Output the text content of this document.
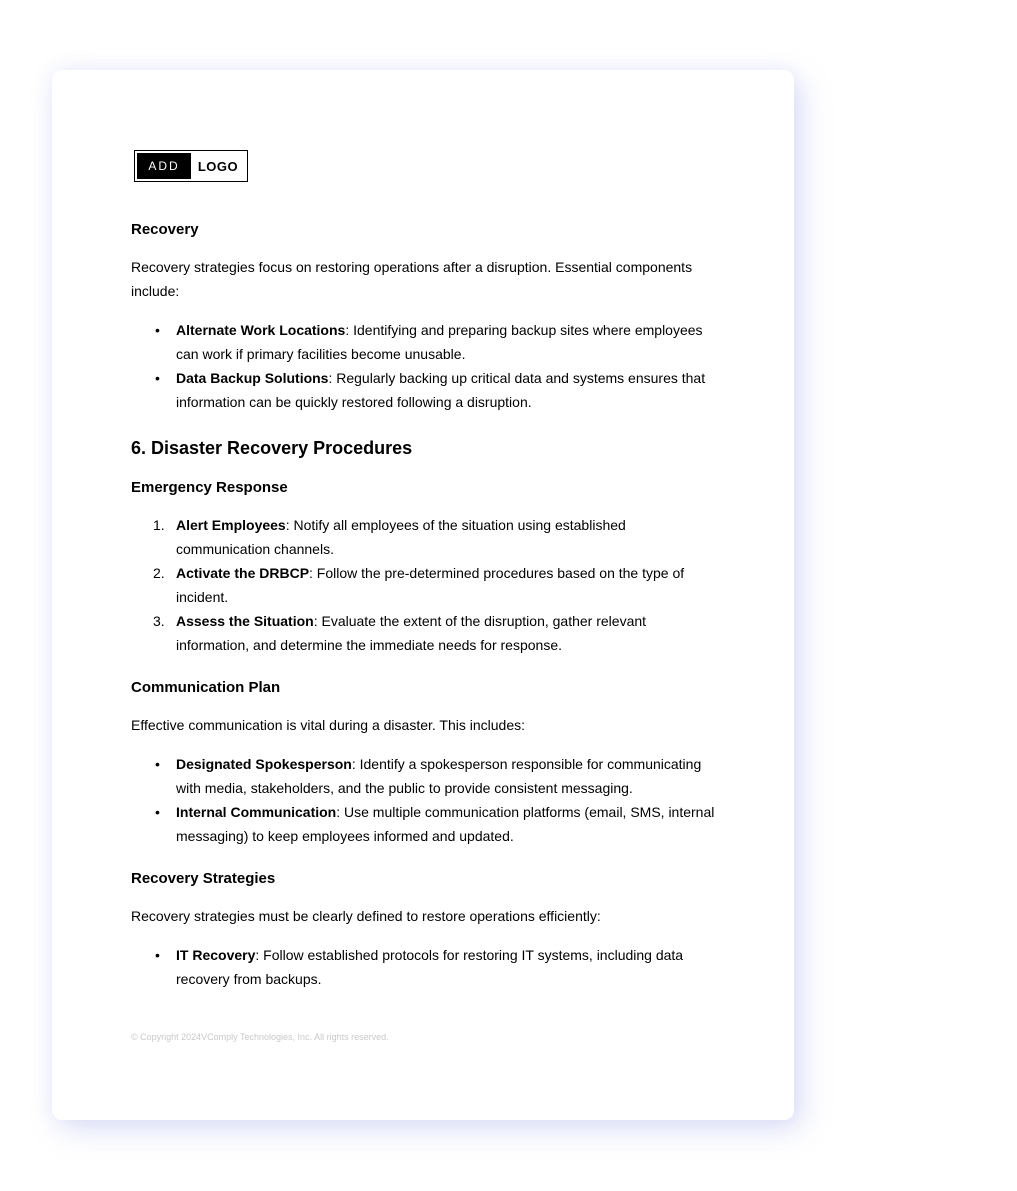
ADD	LOGO
Recovery

Recovery strategies focus on restoring operations after a disruption. Essential components include:

• Alternate Work Locations: Identifying and preparing backup sites where employees can work if primary facilities become unusable.
• Data Backup Solutions: Regularly backing up critical data and systems ensures that information can be quickly restored following a disruption.
6. Disaster Recovery Procedures
Emergency Response
1. Alert Employees: Notify all employees of the situation using established communication channels.
2. Activate the DRBCP: Follow the pre-determined procedures based on the type of incident.
3. Assess the Situation: Evaluate the extent of the disruption, gather relevant information, and determine the immediate needs for response.
Communication Plan

Effective communication is vital during a disaster. This includes:

• Designated Spokesperson: Identify a spokesperson responsible for communicating with media, stakeholders, and the public to provide consistent messaging.
• Internal Communication: Use multiple communication platforms (email, SMS, internal messaging) to keep employees informed and updated.
Recovery Strategies

Recovery strategies must be clearly defined to restore operations efficiently:

• IT Recovery: Follow established protocols for restoring IT systems, including data recovery from backups.
© Copyright 2024VComply Technologies, Inc. All rights reserved.
